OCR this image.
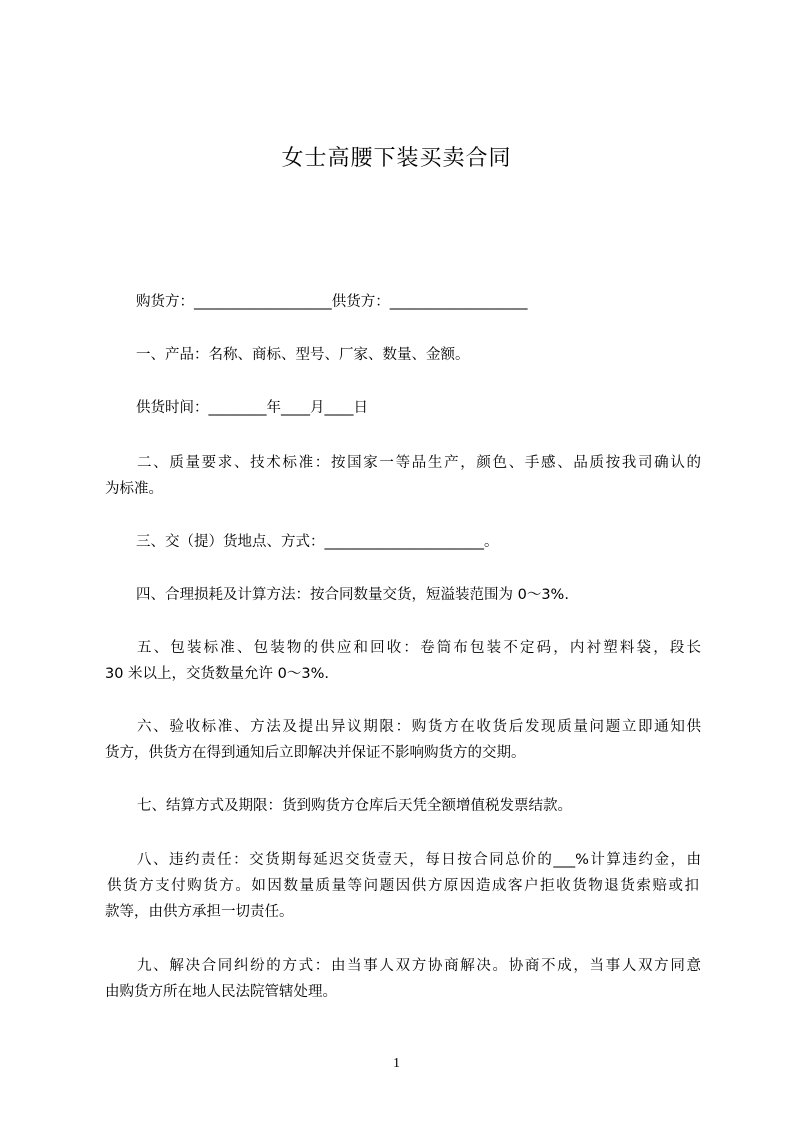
女士高腰下装买卖合同
购货方：___________________供货方：___________________
一、产品：名称、商标、型号、厂家、数量、金额。
供货时间：________年____月____日
二、质量要求、技术标准：按国家一等品生产，颜色、手感、品质按我司确认的
为标准。
三、交（提）货地点、方式：______________________。
四、合理损耗及计算方法：按合同数量交货，短溢装范围为 0～3%.
五、包装标准、包装物的供应和回收：卷筒布包装不定码，内衬塑料袋，段长
30 米以上，交货数量允许 0～3%.
六、验收标准、方法及提出异议期限：购货方在收货后发现质量问题立即通知供
货方，供货方在得到通知后立即解决并保证不影响购货方的交期。
七、结算方式及期限：货到购货方仓库后天凭全额增值税发票结款。
八、违约责任：交货期每延迟交货壹天，每日按合同总价的___%计算违约金，由
供货方支付购货方。如因数量质量等问题因供方原因造成客户拒收货物退货索赔或扣
款等，由供方承担一切责任。
九、解决合同纠纷的方式：由当事人双方协商解决。协商不成，当事人双方同意
由购货方所在地人民法院管辖处理。
1
